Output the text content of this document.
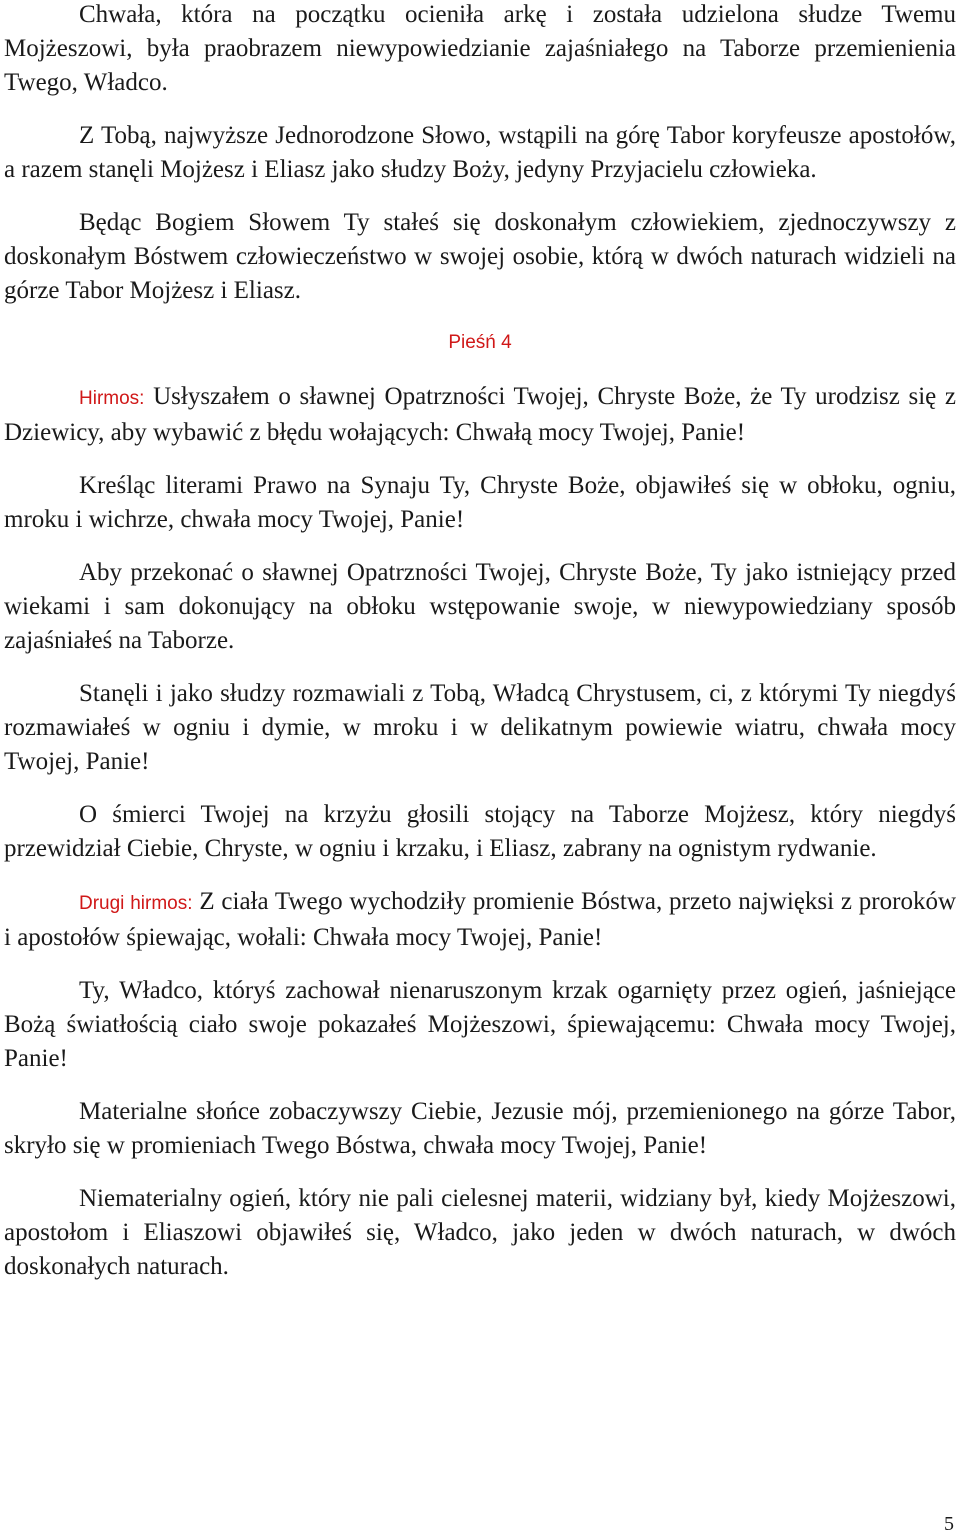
Chwała, która na początku ocieniła arkę i została udzielona słudze Twemu Mojżeszowi, była praobrazem niewypowiedzianie zajaśniałego na Taborze przemienienia Twego, Władco.

Z Tobą, najwyższe Jednorodzone Słowo, wstąpili na górę Tabor koryfeusze apostołów, a razem stanęli Mojżesz i Eliasz jako słudzy Boży, jedyny Przyjacielu człowieka.

Będąc Bogiem Słowem Ty stałeś się doskonałym człowiekiem, zjednoczywszy z doskonałym Bóstwem człowieczeństwo w swojej osobie, którą w dwóch naturach widzieli na górze Tabor Mojżesz i Eliasz.

Pieśń 4

Hirmos: Usłyszałem o sławnej Opatrzności Twojej, Chryste Boże, że Ty urodzisz się z Dziewicy, aby wybawić z błędu wołających: Chwałą mocy Twojej, Panie!

Kreśląc literami Prawo na Synaju Ty, Chryste Boże, objawiłeś się w obłoku, ogniu, mroku i wichrze, chwała mocy Twojej, Panie!

Aby przekonać o sławnej Opatrzności Twojej, Chryste Boże, Ty jako istniejący przed wiekami i sam dokonujący na obłoku wstępowanie swoje, w niewypowiedziany sposób zajaśniałeś na Taborze.

Stanęli i jako słudzy rozmawiali z Tobą, Władcą Chrystusem, ci, z którymi Ty niegdyś rozmawiałeś w ogniu i dymie, w mroku i w delikatnym powiewie wiatru, chwała mocy Twojej, Panie!

O śmierci Twojej na krzyżu głosili stojący na Taborze Mojżesz, który niegdyś przewidział Ciebie, Chryste, w ogniu i krzaku, i Eliasz, zabrany na ognistym rydwanie.

Drugi hirmos: Z ciała Twego wychodziły promienie Bóstwa, przeto najwięksi z proroków i apostołów śpiewając, wołali: Chwała mocy Twojej, Panie!

Ty, Władco, któryś zachował nienaruszonym krzak ogarnięty przez ogień, jaśniejące Bożą światłością ciało swoje pokazałeś Mojżeszowi, śpiewającemu: Chwała mocy Twojej, Panie!

Materialne słońce zobaczywszy Ciebie, Jezusie mój, przemienionego na górze Tabor, skryło się w promieniach Twego Bóstwa, chwała mocy Twojej, Panie!

Niematerialny ogień, który nie pali cielesnej materii, widziany był, kiedy Mojżeszowi, apostołom i Eliaszowi objawiłeś się, Władco, jako jeden w dwóch naturach, w dwóch doskonałych naturach.

5
